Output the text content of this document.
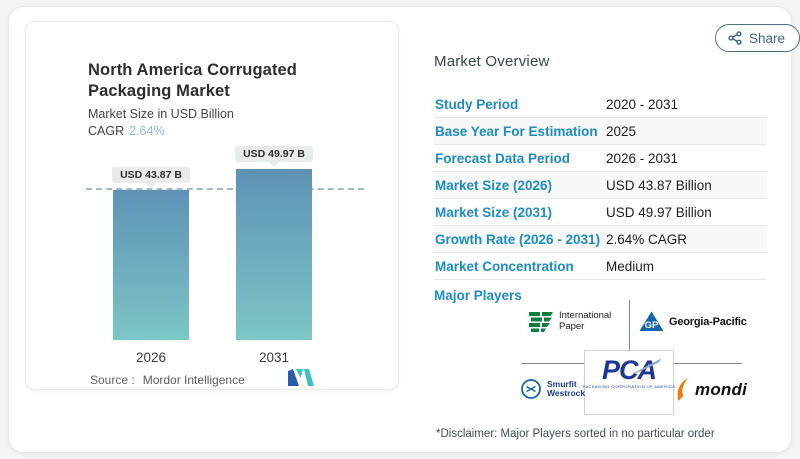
North America Corrugated Packaging Market
Market Size in USD Billion
CAGR 2.64%
USD 43.87 B
USD 49.97 B
2026	2031
Source : Mordor Intelligence
Share
Market Overview
Study Period	2020 - 2031
Base Year For Estimation 2025
Forecast Data Period	2026 - 2031
Market Size (2026)	USD 43.87 Billion
Market Size (2031)	USD 49.97 Billion
Growth Rate (2026 - 2031) 2.64% CAGR
Market Concentration	Medium
Major Players
International
Paper	GP Georgia-Pacific
Smurfit
Westrock
PCA
PACKAGING CORPORATION OF AMERICA mondi
*Disclaimer: Major Players sorted in no particular order
